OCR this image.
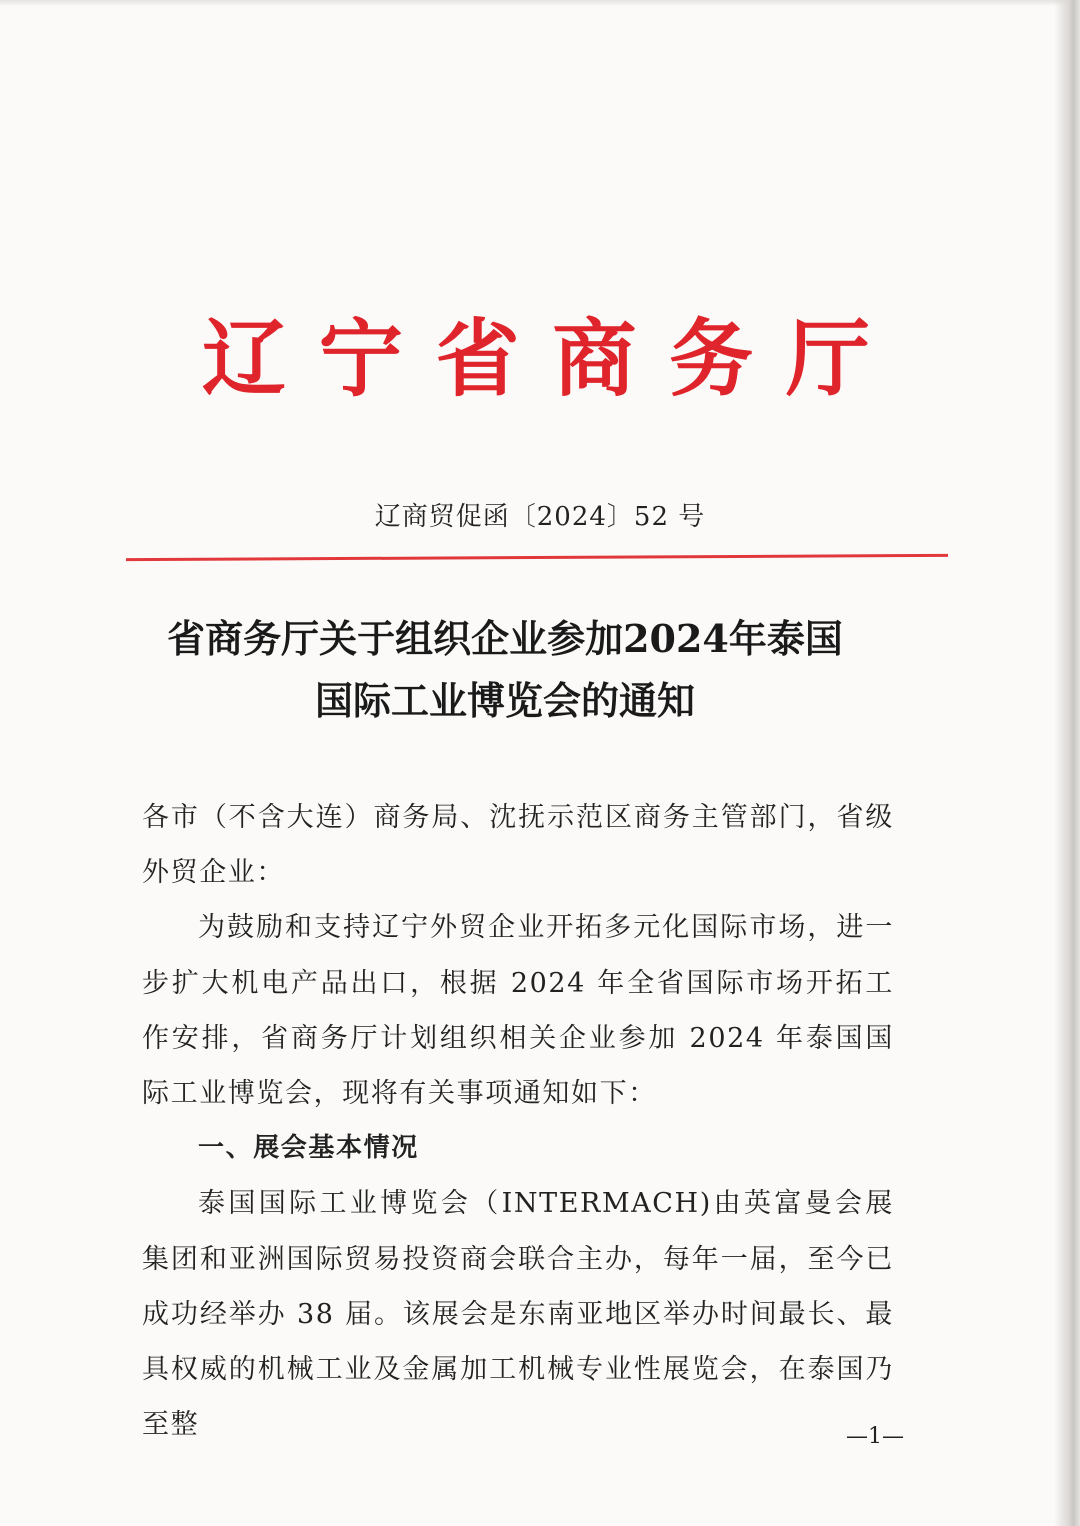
辽 宁 省 商 务 厅
辽商贸促函〔2024〕52 号
省商务厅关于组织企业参加2024年泰国
国际工业博览会的通知

各市（不含大连）商务局、沈抚示范区商务主管部门，省级外贸企业：

为鼓励和支持辽宁外贸企业开拓多元化国际市场，进一步扩大机电产品出口，根据 2024 年全省国际市场开拓工作安排，省商务厅计划组织相关企业参加 2024 年泰国国际工业博览会，现将有关事项通知如下：

一、展会基本情况

泰国国际工业博览会（INTERMACH)由英富曼会展集团和亚洲国际贸易投资商会联合主办，每年一届，至今已成功经举办 38 届。该展会是东南亚地区举办时间最长、最具权威的机械工业及金属加工机械专业性展览会，在泰国乃至整	—1—
